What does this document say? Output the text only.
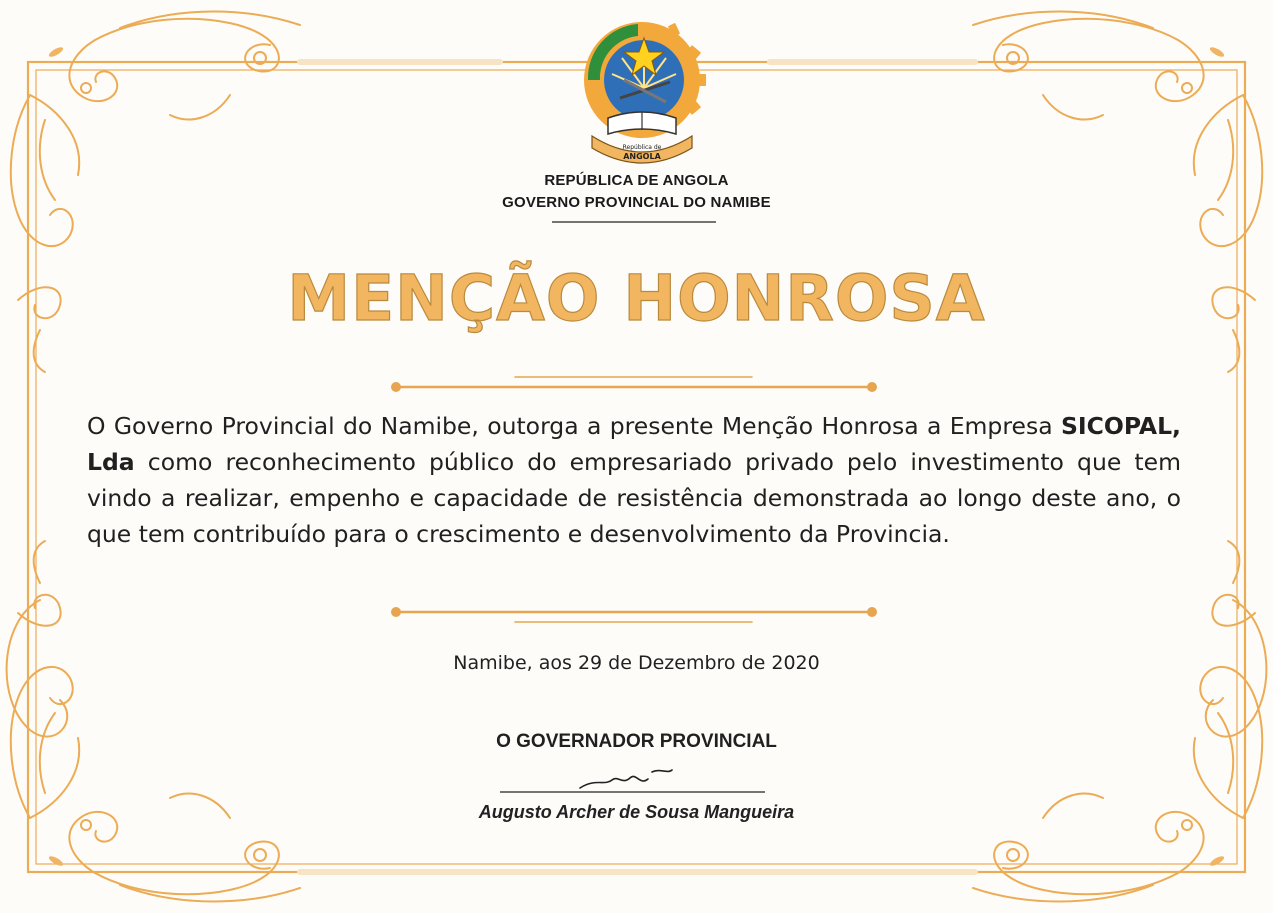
República de
ANGOLA
REPÚBLICA DE ANGOLA
GOVERNO PROVINCIAL DO NAMIBE
MENÇÃO HONROSA
O Governo Provincial do Namibe, outorga a presente Menção Honrosa a Empresa SICOPAL, Lda como reconhecimento público do empresariado privado pelo investimento que tem vindo a realizar, empenho e capacidade de resistência demonstrada ao longo deste ano, o que tem contribuído para o crescimento e desenvolvimento da Provincia.
Namibe, aos 29 de Dezembro de 2020
O GOVERNADOR PROVINCIAL
Augusto Archer de Sousa Mangueira
